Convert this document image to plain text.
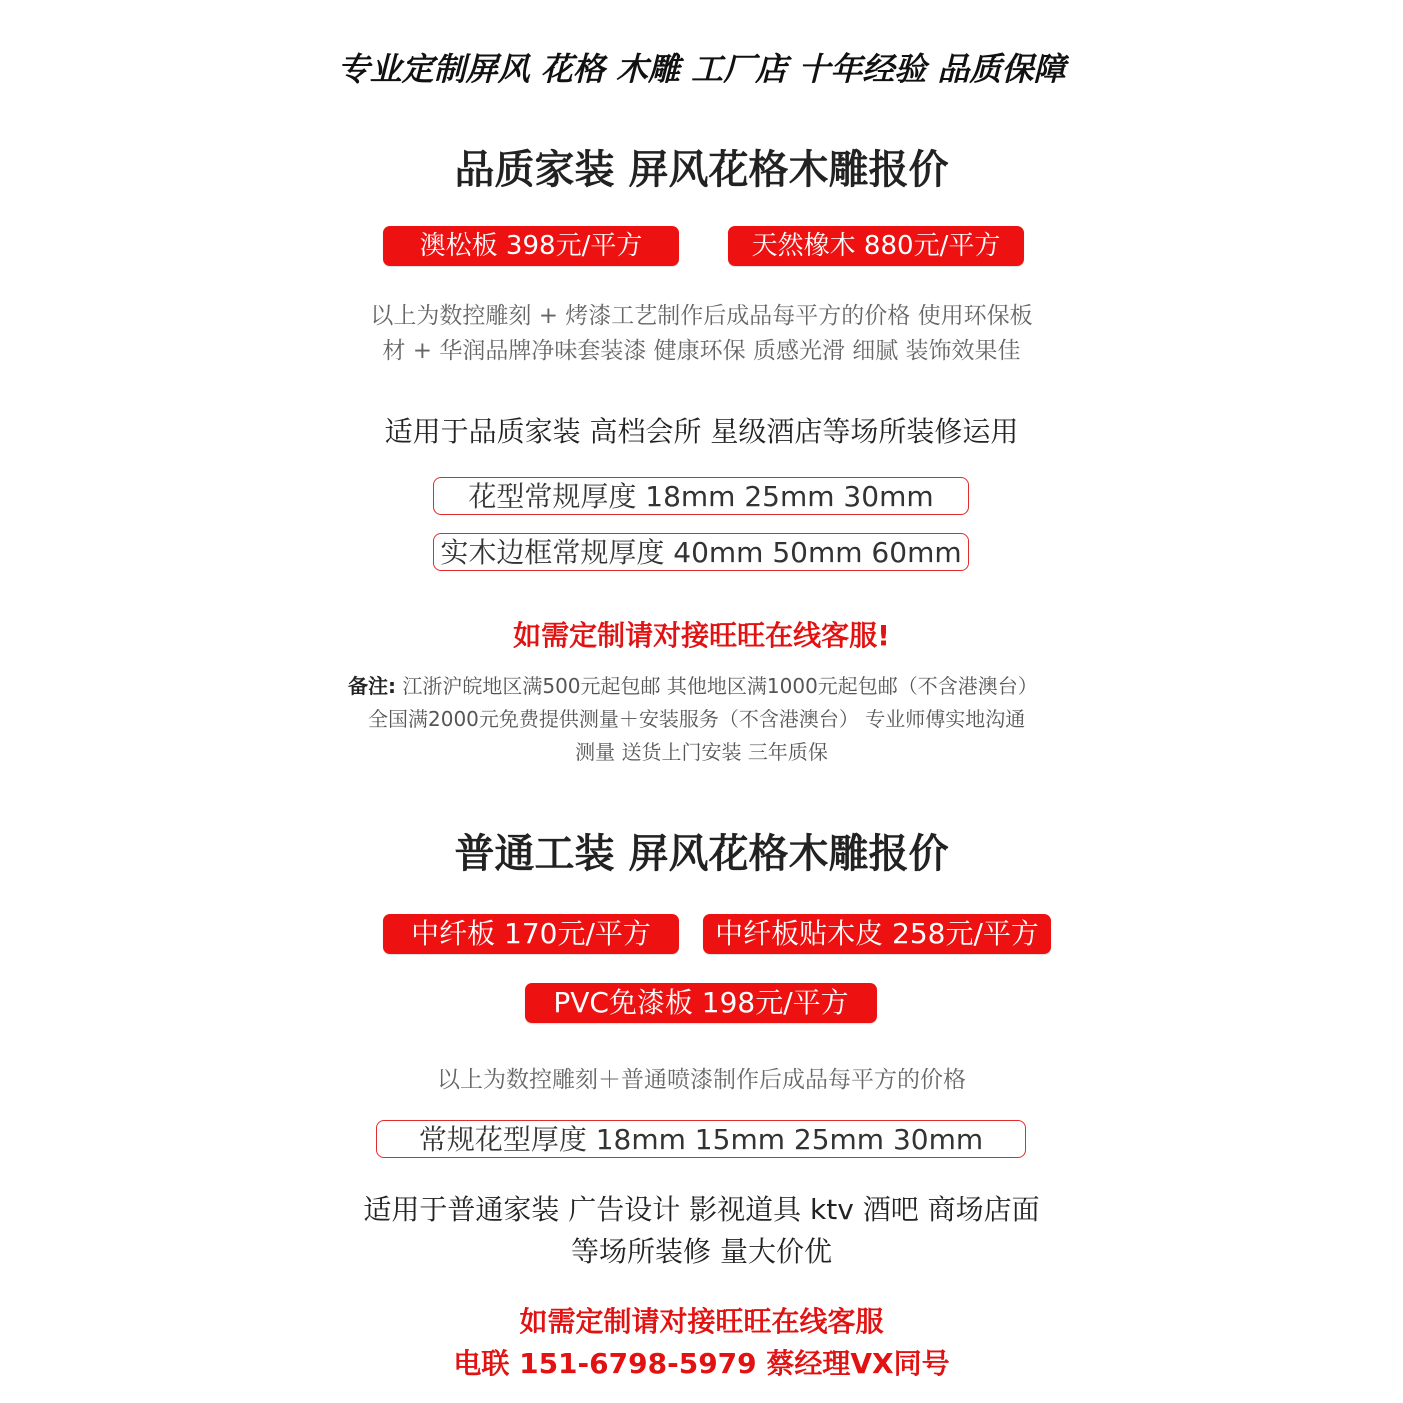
专业定制屏风 花格 木雕 工厂店 十年经验 品质保障
品质家装 屏风花格木雕报价
澳松板 398元/平方	天然橡木 880元/平方
以上为数控雕刻 + 烤漆工艺制作后成品每平方的价格 使用环保板
材 + 华润品牌净味套装漆 健康环保 质感光滑 细腻 装饰效果佳
适用于品质家装 高档会所 星级酒店等场所装修运用
花型常规厚度 18mm 25mm 30mm
实木边框常规厚度 40mm 50mm 60mm
如需定制请对接旺旺在线客服!
备注: 江浙沪皖地区满500元起包邮 其他地区满1000元起包邮（不含港澳台）
全国满2000元免费提供测量＋安装服务（不含港澳台） 专业师傅实地沟通
测量 送货上门安装 三年质保
普通工装 屏风花格木雕报价
中纤板 170元/平方	中纤板贴木皮 258元/平方
PVC免漆板 198元/平方
以上为数控雕刻＋普通喷漆制作后成品每平方的价格
常规花型厚度 18mm 15mm 25mm 30mm
适用于普通家装 广告设计 影视道具 ktv 酒吧 商场店面
等场所装修 量大价优
如需定制请对接旺旺在线客服
电联 151-6798-5979 蔡经理VX同号
